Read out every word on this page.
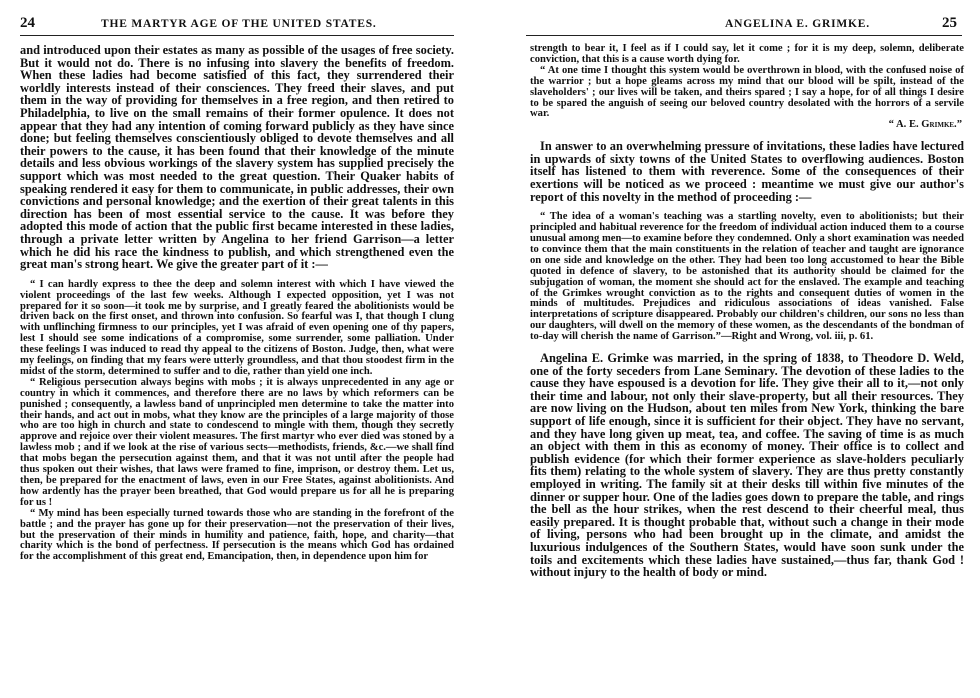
24	THE MARTYR AGE OF THE UNITED STATES.

and introduced upon their estates as many as possible of the usages of free society. But it would not do. There is no infusing into slavery the benefits of freedom. When these ladies had become satisfied of this fact, they surrendered their worldly interests instead of their consciences. They freed their slaves, and put them in the way of providing for themselves in a free region, and then retired to Philadelphia, to live on the small remains of their former opulence. It does not appear that they had any intention of coming forward publicly as they have since done; but feeling themselves conscientiously obliged to devote themselves and all their powers to the cause, it has been found that their knowledge of the minute details and less obvious workings of the slavery system has supplied precisely the support which was most needed to the great question. Their Quaker habits of speaking rendered it easy for them to communicate, in public addresses, their own convictions and personal knowledge; and the exertion of their great talents in this direction has been of most essential service to the cause. It was before they adopted this mode of action that the public first became interested in these ladies, through a private letter written by Angelina to her friend Garrison—a letter which he did his race the kindness to publish, and which strengthened even the great man's strong heart. We give the greater part of it :—

“ I can hardly express to thee the deep and solemn interest with which I have viewed the violent proceedings of the last few weeks. Although I expected opposition, yet I was not prepared for it so soon—it took me by surprise, and I greatly feared the abolitionists would be driven back on the first onset, and thrown into confusion. So fearful was I, that though I clung with unflinching firmness to our principles, yet I was afraid of even opening one of thy papers, lest I should see some indications of a compromise, some surrender, some palliation. Under these feelings I was induced to read thy appeal to the citizens of Boston. Judge, then, what were my feelings, on finding that my fears were utterly groundless, and that thou stoodest firm in the midst of the storm, determined to suffer and to die, rather than yield one inch.

“ Religious persecution always begins with mobs ; it is always unprecedented in any age or country in which it commences, and therefore there are no laws by which reformers can be punished ; consequently, a lawless band of unprincipled men determine to take the matter into their hands, and act out in mobs, what they know are the principles of a large majority of those who are too high in church and state to condescend to mingle with them, though they secretly approve and rejoice over their violent measures. The first martyr who ever died was stoned by a lawless mob ; and if we look at the rise of various sects—methodists, friends, &c.—we shall find that mobs began the persecution against them, and that it was not until after the people had thus spoken out their wishes, that laws were framed to fine, imprison, or destroy them. Let us, then, be prepared for the enactment of laws, even in our Free States, against abolitionists. And how ardently has the prayer been breathed, that God would prepare us for all he is preparing for us !

“ My mind has been especially turned towards those who are standing in the forefront of the battle ; and the prayer has gone up for their preservation—not the preservation of their lives, but the preservation of their minds in humility and patience, faith, hope, and charity—that charity which is the bond of perfectness. If persecution is the means which God has ordained for the accomplishment of this great end, Emancipation, then, in dependence upon him for

ANGELINA E. GRIMKE.	25

strength to bear it, I feel as if I could say, let it come ; for it is my deep, solemn, deliberate conviction, that this is a cause worth dying for.

“ At one time I thought this system would be overthrown in blood, with the confused noise of the warrior ; but a hope gleams across my mind that our blood will be spilt, instead of the slaveholders' ; our lives will be taken, and theirs spared ; I say a hope, for of all things I desire to be spared the anguish of seeing our beloved country desolated with the horrors of a servile war.

“ A. E. Grimke.”

In answer to an overwhelming pressure of invitations, these ladies have lectured in upwards of sixty towns of the United States to overflowing audiences. Boston itself has listened to them with reverence. Some of the consequences of their exertions will be noticed as we proceed : meantime we must give our author's report of this novelty in the method of proceeding :—

“ The idea of a woman's teaching was a startling novelty, even to abolitionists; but their principled and habitual reverence for the freedom of individual action induced them to a course unusual among men—to examine before they condemned. Only a short examination was needed to convince them that the main constituents in the relation of teacher and taught are ignorance on one side and knowledge on the other. They had been too long accustomed to hear the Bible quoted in defence of slavery, to be astonished that its authority should be claimed for the subjugation of woman, the moment she should act for the enslaved. The example and teaching of the Grimkes wrought conviction as to the rights and consequent duties of women in the minds of multitudes. Prejudices and ridiculous associations of ideas vanished. False interpretations of scripture disappeared. Probably our children's children, our sons no less than our daughters, will dwell on the memory of these women, as the descendants of the bondman of to-day will cherish the name of Garrison.”—Right and Wrong, vol. iii, p. 61.

Angelina E. Grimke was married, in the spring of 1838, to Theodore D. Weld, one of the forty seceders from Lane Seminary. The devotion of these ladies to the cause they have espoused is a devotion for life. They give their all to it,—not only their time and labour, not only their slave-property, but all their resources. They are now living on the Hudson, about ten miles from New York, thinking the bare support of life enough, since it is sufficient for their object. They have no servant, and they have long given up meat, tea, and coffee. The saving of time is as much an object with them in this as economy of money. Their office is to collect and publish evidence (for which their former experience as slave-holders peculiarly fits them) relating to the whole system of slavery. They are thus pretty constantly employed in writing. The family sit at their desks till within five minutes of the dinner or supper hour. One of the ladies goes down to prepare the table, and rings the bell as the hour strikes, when the rest descend to their cheerful meal, thus easily prepared. It is thought probable that, without such a change in their mode of living, persons who had been brought up in the climate, and amidst the luxurious indulgences of the Southern States, would have soon sunk under the toils and excitements which these ladies have sustained,—thus far, thank God ! without injury to the health of body or mind.
